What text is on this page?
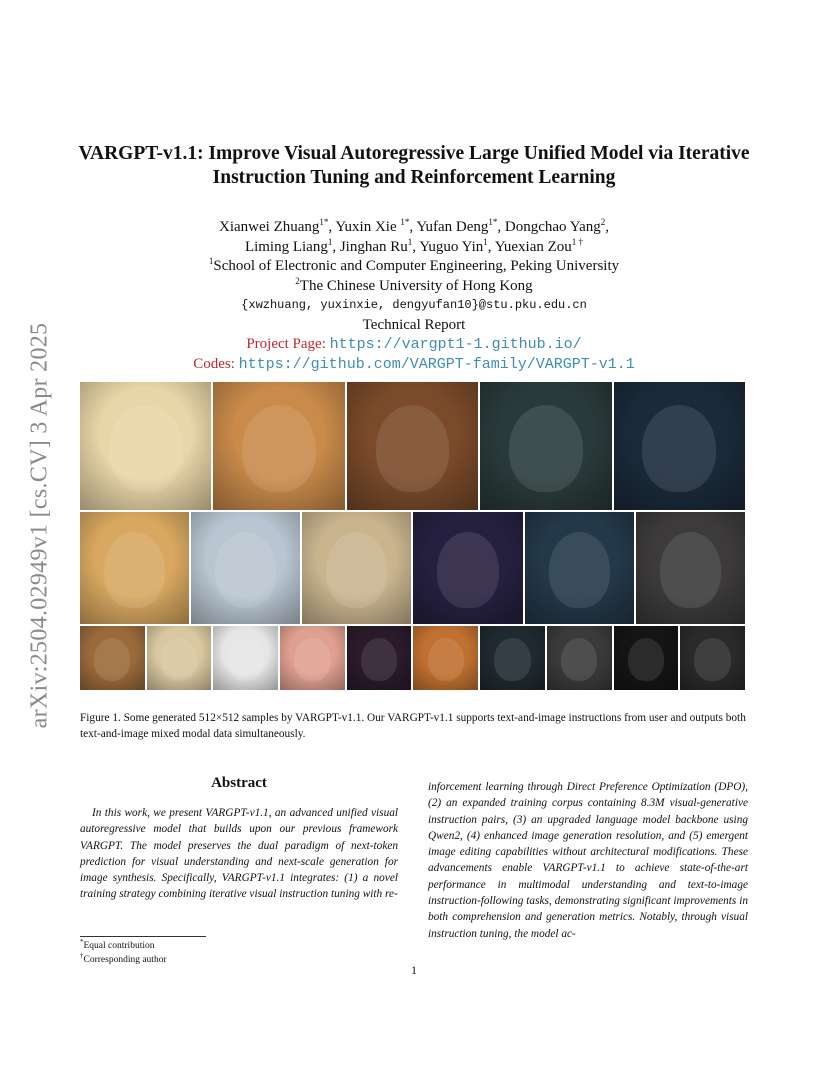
arXiv:2504.02949v1 [cs.CV] 3 Apr 2025
VARGPT-v1.1: Improve Visual Autoregressive Large Unified Model via Iterative
Instruction Tuning and Reinforcement Learning
Xianwei Zhuang$^{1*}$, Yuxin Xie $^{1*}$, Yufan Deng$^{1*}$, Dongchao Yang$^2$,
Liming Liang$^1$, Jinghan Ru$^1$, Yuguo Yin$^1$, Yuexian Zou$^{1 \dagger}$
$^1$School of Electronic and Computer Engineering, Peking University
$^2$The Chinese University of Hong Kong
{xwzhuang, yuxinxie, dengyufan10}@stu.pku.edu.cn
Technical Report
Project Page: https://vargpt1-1.github.io/
Codes: https://github.com/VARGPT-family/VARGPT-v1.1
Figure 1. Some generated 512×512 samples by VARGPT-v1.1. Our VARGPT-v1.1 supports text-and-image instructions from user and outputs both text-and-image mixed modal data simultaneously.
Abstract

In this work, we present VARGPT-v1.1, an advanced unified visual autoregressive model that builds upon our previous framework VARGPT. The model preserves the dual paradigm of next-token prediction for visual understanding and next-scale generation for image synthesis. Specifically, VARGPT-v1.1 integrates: (1) a novel training strategy combining iterative visual instruction tuning with re-

inforcement learning through Direct Preference Optimization (DPO), (2) an expanded training corpus containing 8.3M visual-generative instruction pairs, (3) an upgraded language model backbone using Qwen2, (4) enhanced image generation resolution, and (5) emergent image editing capabilities without architectural modifications. These advancements enable VARGPT-v1.1 to achieve state-of-the-art performance in multimodal understanding and text-to-image instruction-following tasks, demonstrating significant improvements in both comprehension and generation metrics. Notably, through visual instruction tuning, the model ac-

*Equal contribution
†Corresponding author
1
